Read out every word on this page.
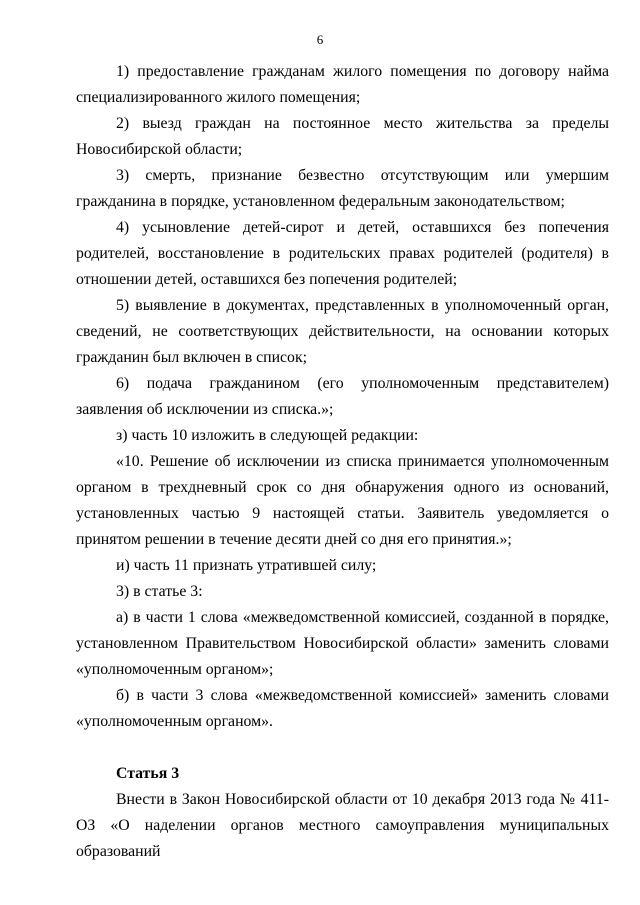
6

1) предоставление гражданам жилого помещения по договору найма специализированного жилого помещения;

2) выезд граждан на постоянное место жительства за пределы Новосибирской области;

3) смерть, признание безвестно отсутствующим или умершим гражданина в порядке, установленном федеральным законодательством;

4) усыновление детей-сирот и детей, оставшихся без попечения родителей, восстановление в родительских правах родителей (родителя) в отношении детей, оставшихся без попечения родителей;

5) выявление в документах, представленных в уполномоченный орган, сведений, не соответствующих действительности, на основании которых гражданин был включен в список;

6) подача гражданином (его уполномоченным представителем) заявления об исключении из списка.»;

з) часть 10 изложить в следующей редакции:

«10. Решение об исключении из списка принимается уполномоченным органом в трехдневный срок со дня обнаружения одного из оснований, установленных частью 9 настоящей статьи. Заявитель уведомляется о принятом решении в течение десяти дней со дня его принятия.»;

и) часть 11 признать утратившей силу;

3) в статье 3:

а) в части 1 слова «межведомственной комиссией, созданной в порядке, установленном Правительством Новосибирской области» заменить словами «уполномоченным органом»;

б) в части 3 слова «межведомственной комиссией» заменить словами «уполномоченным органом».

Статья 3

Внести в Закон Новосибирской области от 10 декабря 2013 года № 411-ОЗ «О наделении органов местного самоуправления муниципальных образований
